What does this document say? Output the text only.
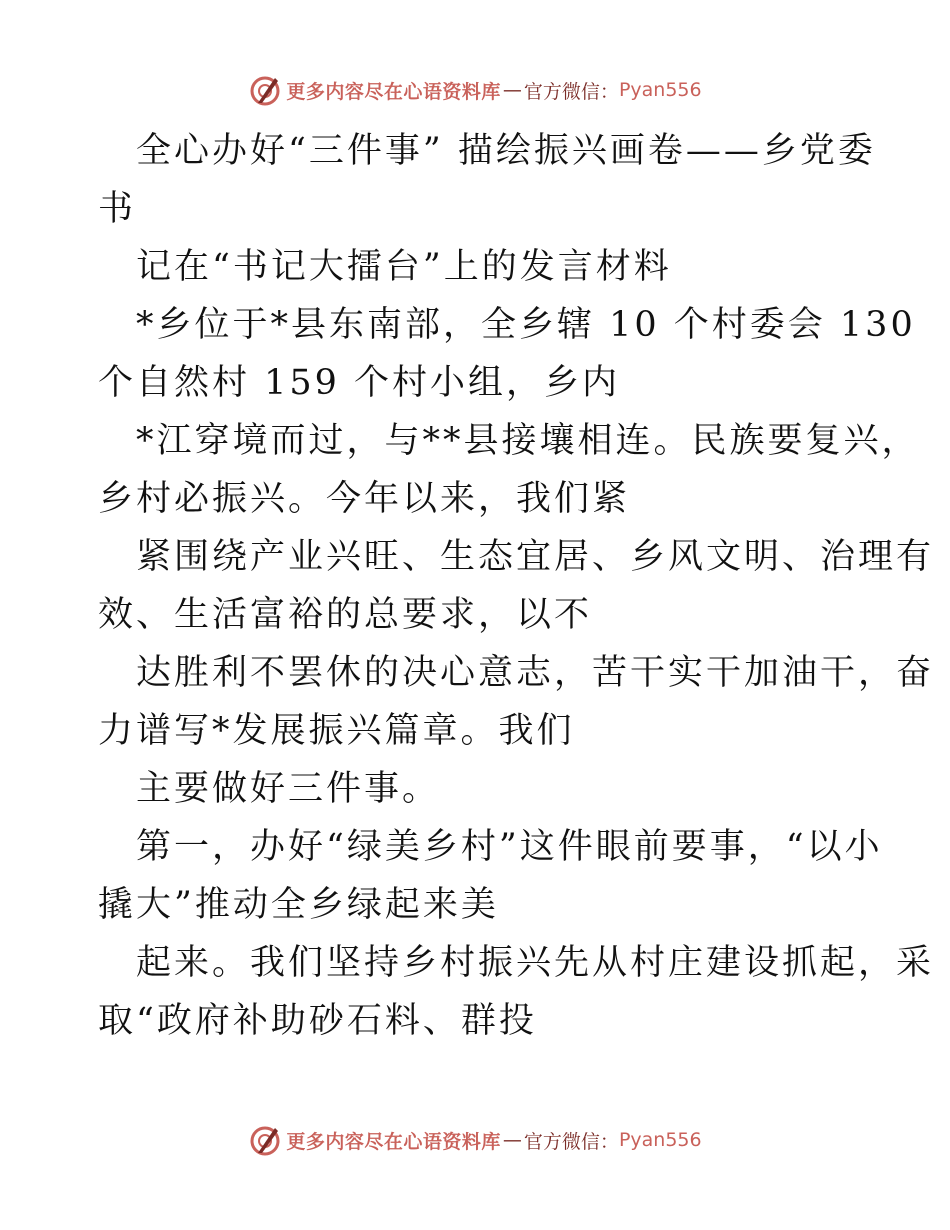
更多内容尽在心语资料库 — 官方微信： Pyan556

全心办好“三件事” 描绘振兴画卷——乡党委

书

记在“书记大擂台”上的发言材料

*乡位于*县东南部，全乡辖 10 个村委会 130

个自然村 159 个村小组，乡内

*江穿境而过，与**县接壤相连。民族要复兴，

乡村必振兴。今年以来，我们紧

紧围绕产业兴旺、生态宜居、乡风文明、治理有

效、生活富裕的总要求，以不

达胜利不罢休的决心意志，苦干实干加油干，奋

力谱写*发展振兴篇章。我们

主要做好三件事。

第一，办好“绿美乡村”这件眼前要事，“以小

撬大”推动全乡绿起来美

起来。我们坚持乡村振兴先从村庄建设抓起，采

取“政府补助砂石料、群投

更多内容尽在心语资料库 — 官方微信： Pyan556
